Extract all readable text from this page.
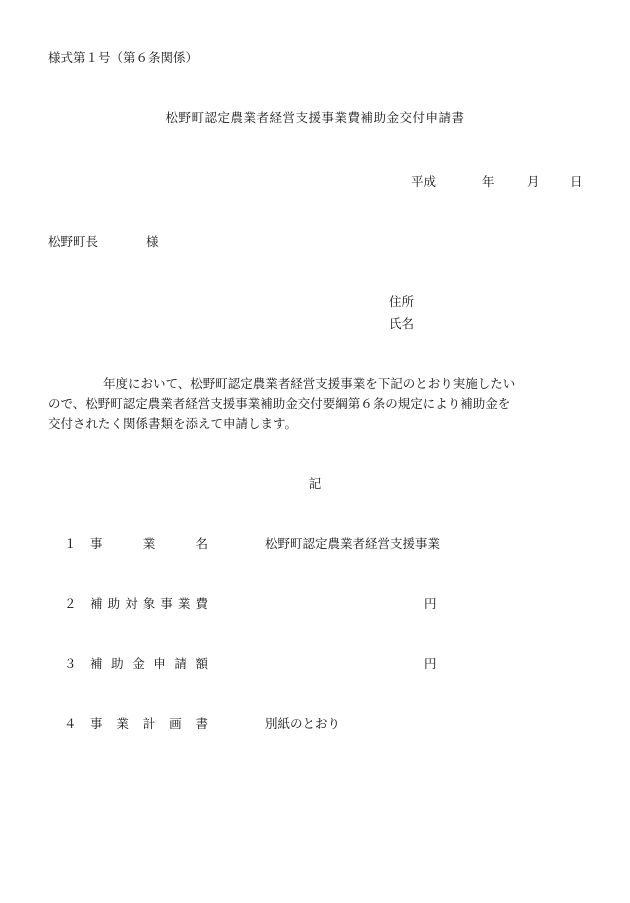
様式第１号（第６条関係）
松野町認定農業者経営支援事業費補助金交付申請書
平成	年	月 日
松野町長	様
住所
氏名
年度において、松野町認定農業者経営支援事業を下記のとおり実施したい
ので、松野町認定農業者経営支援事業補助金交付要綱第６条の規定により補助金を
交付されたく関係書類を添えて申請します。
記
１ 事	業	名	松野町認定農業者経営支援事業
２ 補 助 対 象 事 業 費	円
３ 補 助 金 申 請 額	円
４ 事 業 計 画 書	別紙のとおり
